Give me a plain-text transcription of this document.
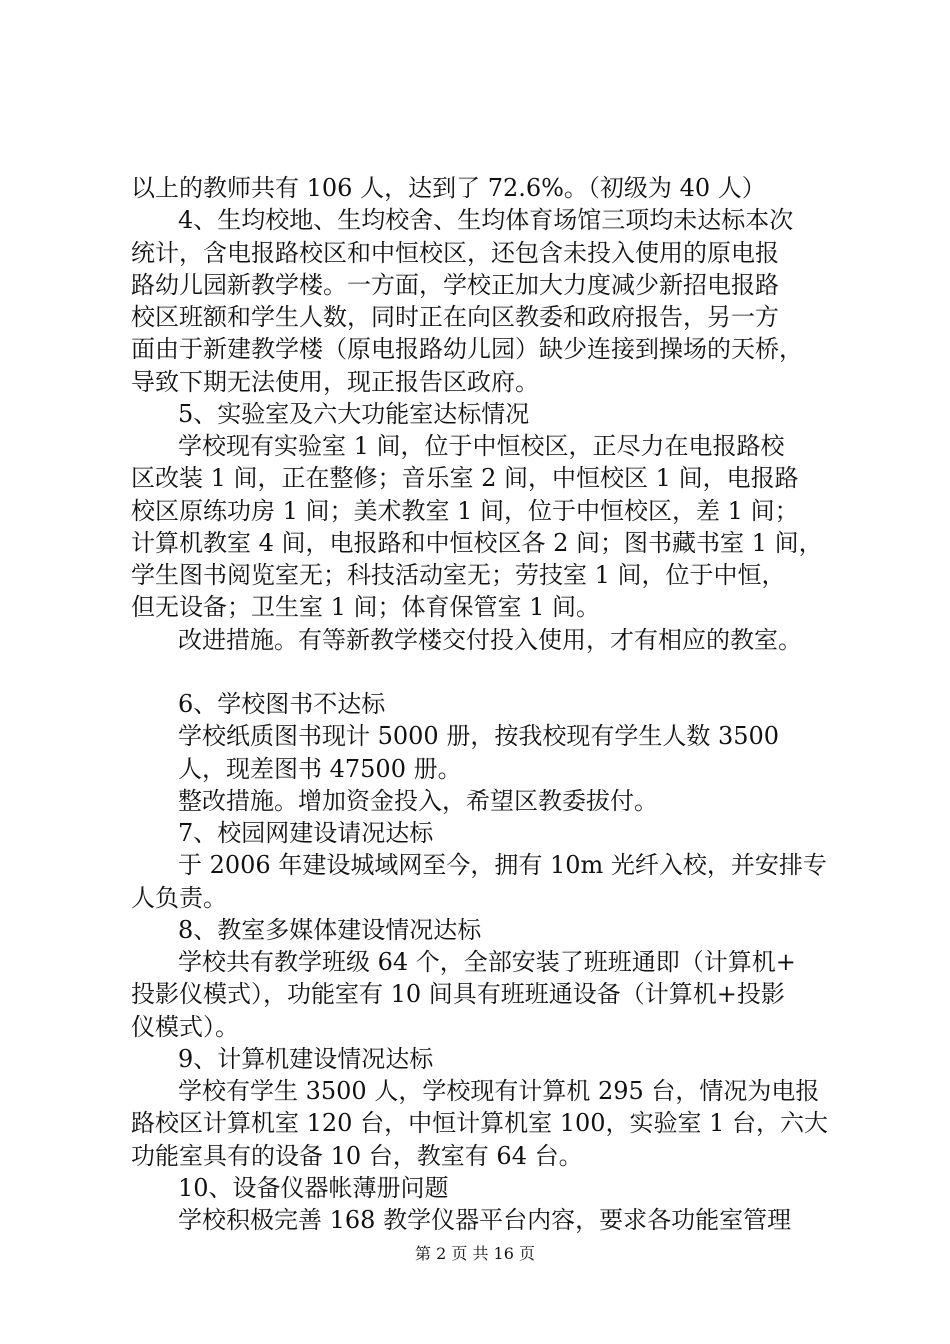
以上的教师共有 106 人，达到了 72.6%。（初级为 40 人）
4、生均校地、生均校舍、生均体育场馆三项均未达标本次
统计，含电报路校区和中恒校区，还包含未投入使用的原电报
路幼儿园新教学楼。一方面，学校正加大力度减少新招电报路
校区班额和学生人数，同时正在向区教委和政府报告，另一方
面由于新建教学楼（原电报路幼儿园）缺少连接到操场的天桥，
导致下期无法使用，现正报告区政府。
5、实验室及六大功能室达标情况
学校现有实验室 1 间，位于中恒校区，正尽力在电报路校
区改装 1 间，正在整修；音乐室 2 间，中恒校区 1 间，电报路
校区原练功房 1 间；美术教室 1 间，位于中恒校区，差 1 间；
计算机教室 4 间，电报路和中恒校区各 2 间；图书藏书室 1 间，
学生图书阅览室无；科技活动室无；劳技室 1 间，位于中恒，
但无设备；卫生室 1 间；体育保管室 1 间。
改进措施。有等新教学楼交付投入使用，才有相应的教室。
6、学校图书不达标
学校纸质图书现计 5000 册，按我校现有学生人数 3500
人，现差图书 47500 册。
整改措施。增加资金投入，希望区教委拔付。
7、校园网建设请况达标
于 2006 年建设城域网至今，拥有 10m 光纤入校，并安排专
人负责。
8、教室多媒体建设情况达标
学校共有教学班级 64 个，全部安装了班班通即（计算机+
投影仪模式），功能室有 10 间具有班班通设备（计算机+投影
仪模式）。
9、计算机建设情况达标
学校有学生 3500 人，学校现有计算机 295 台，情况为电报
路校区计算机室 120 台，中恒计算机室 100，实验室 1 台，六大
功能室具有的设备 10 台，教室有 64 台。
10、设备仪器帐薄册问题
学校积极完善 168 教学仪器平台内容，要求各功能室管理
第 2 页 共 16 页
